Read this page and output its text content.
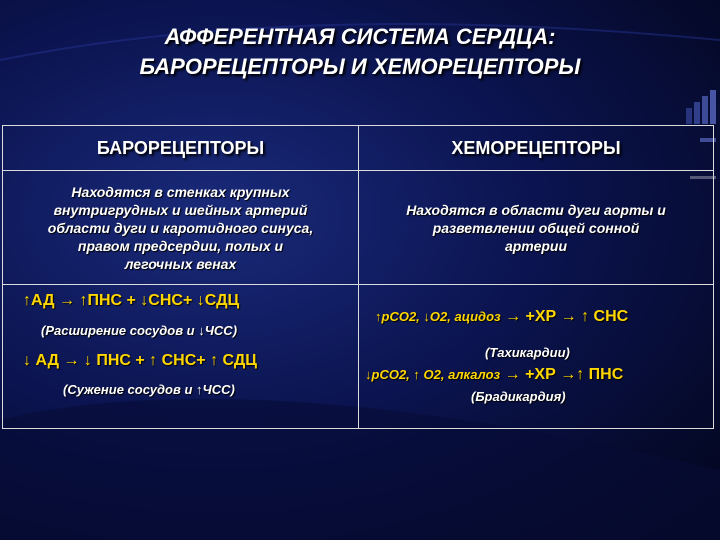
АФФЕРЕНТНАЯ СИСТЕМА СЕРДЦА:
БАРОРЕЦЕПТОРЫ И ХЕМОРЕЦЕПТОРЫ
БАРОРЕЦЕПТОРЫ	ХЕМОРЕЦЕПТОРЫ
Находятся в стенках крупных
внутригрудных и шейных артерий
области дуги и каротидного синуса,
правом предсердии, полых и
легочных венах
Находятся в области дуги аорты и
разветвлении общей сонной
артерии
↑АД → ↑ПНС + ↓СНС+ ↓СДЦ
(Расширение сосудов и ↓ЧСС)
↓ АД → ↓ ПНС + ↑ СНС+ ↑ СДЦ
(Сужение сосудов и ↑ЧСС)
↑рСО2, ↓О2, ацидоз → +ХР → ↑ СНС
(Тахикардии)
↓рСО2, ↑ О2, алкалоз → +ХР →↑ ПНС
(Брадикардия)
